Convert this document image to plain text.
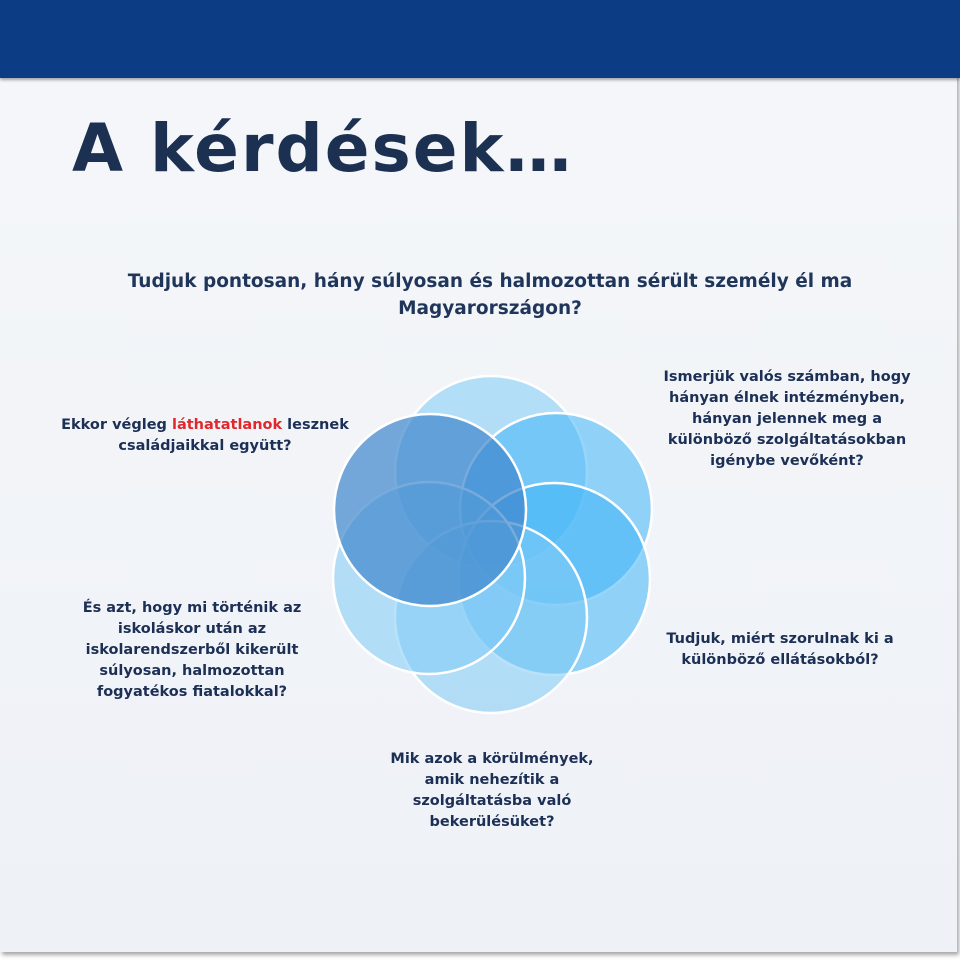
A kérdések…

Tudjuk pontosan, hány súlyosan és halmozottan sérült személy él ma Magyarországon?

Ismerjük valós számban, hogy hányan élnek intézményben, hányan jelennek meg a különböző szolgáltatásokban igénybe vevőként?

Tudjuk, miért szorulnak ki a különböző ellátásokból?

Mik azok a körülmények, amik nehezítik a szolgáltatásba való bekerülésüket?

És azt, hogy mi történik az iskoláskor után az iskolarendszerből kikerült súlyosan, halmozottan fogyatékos fiatalokkal?

Ekkor végleg láthatatlanok lesznek családjaikkal együtt?
